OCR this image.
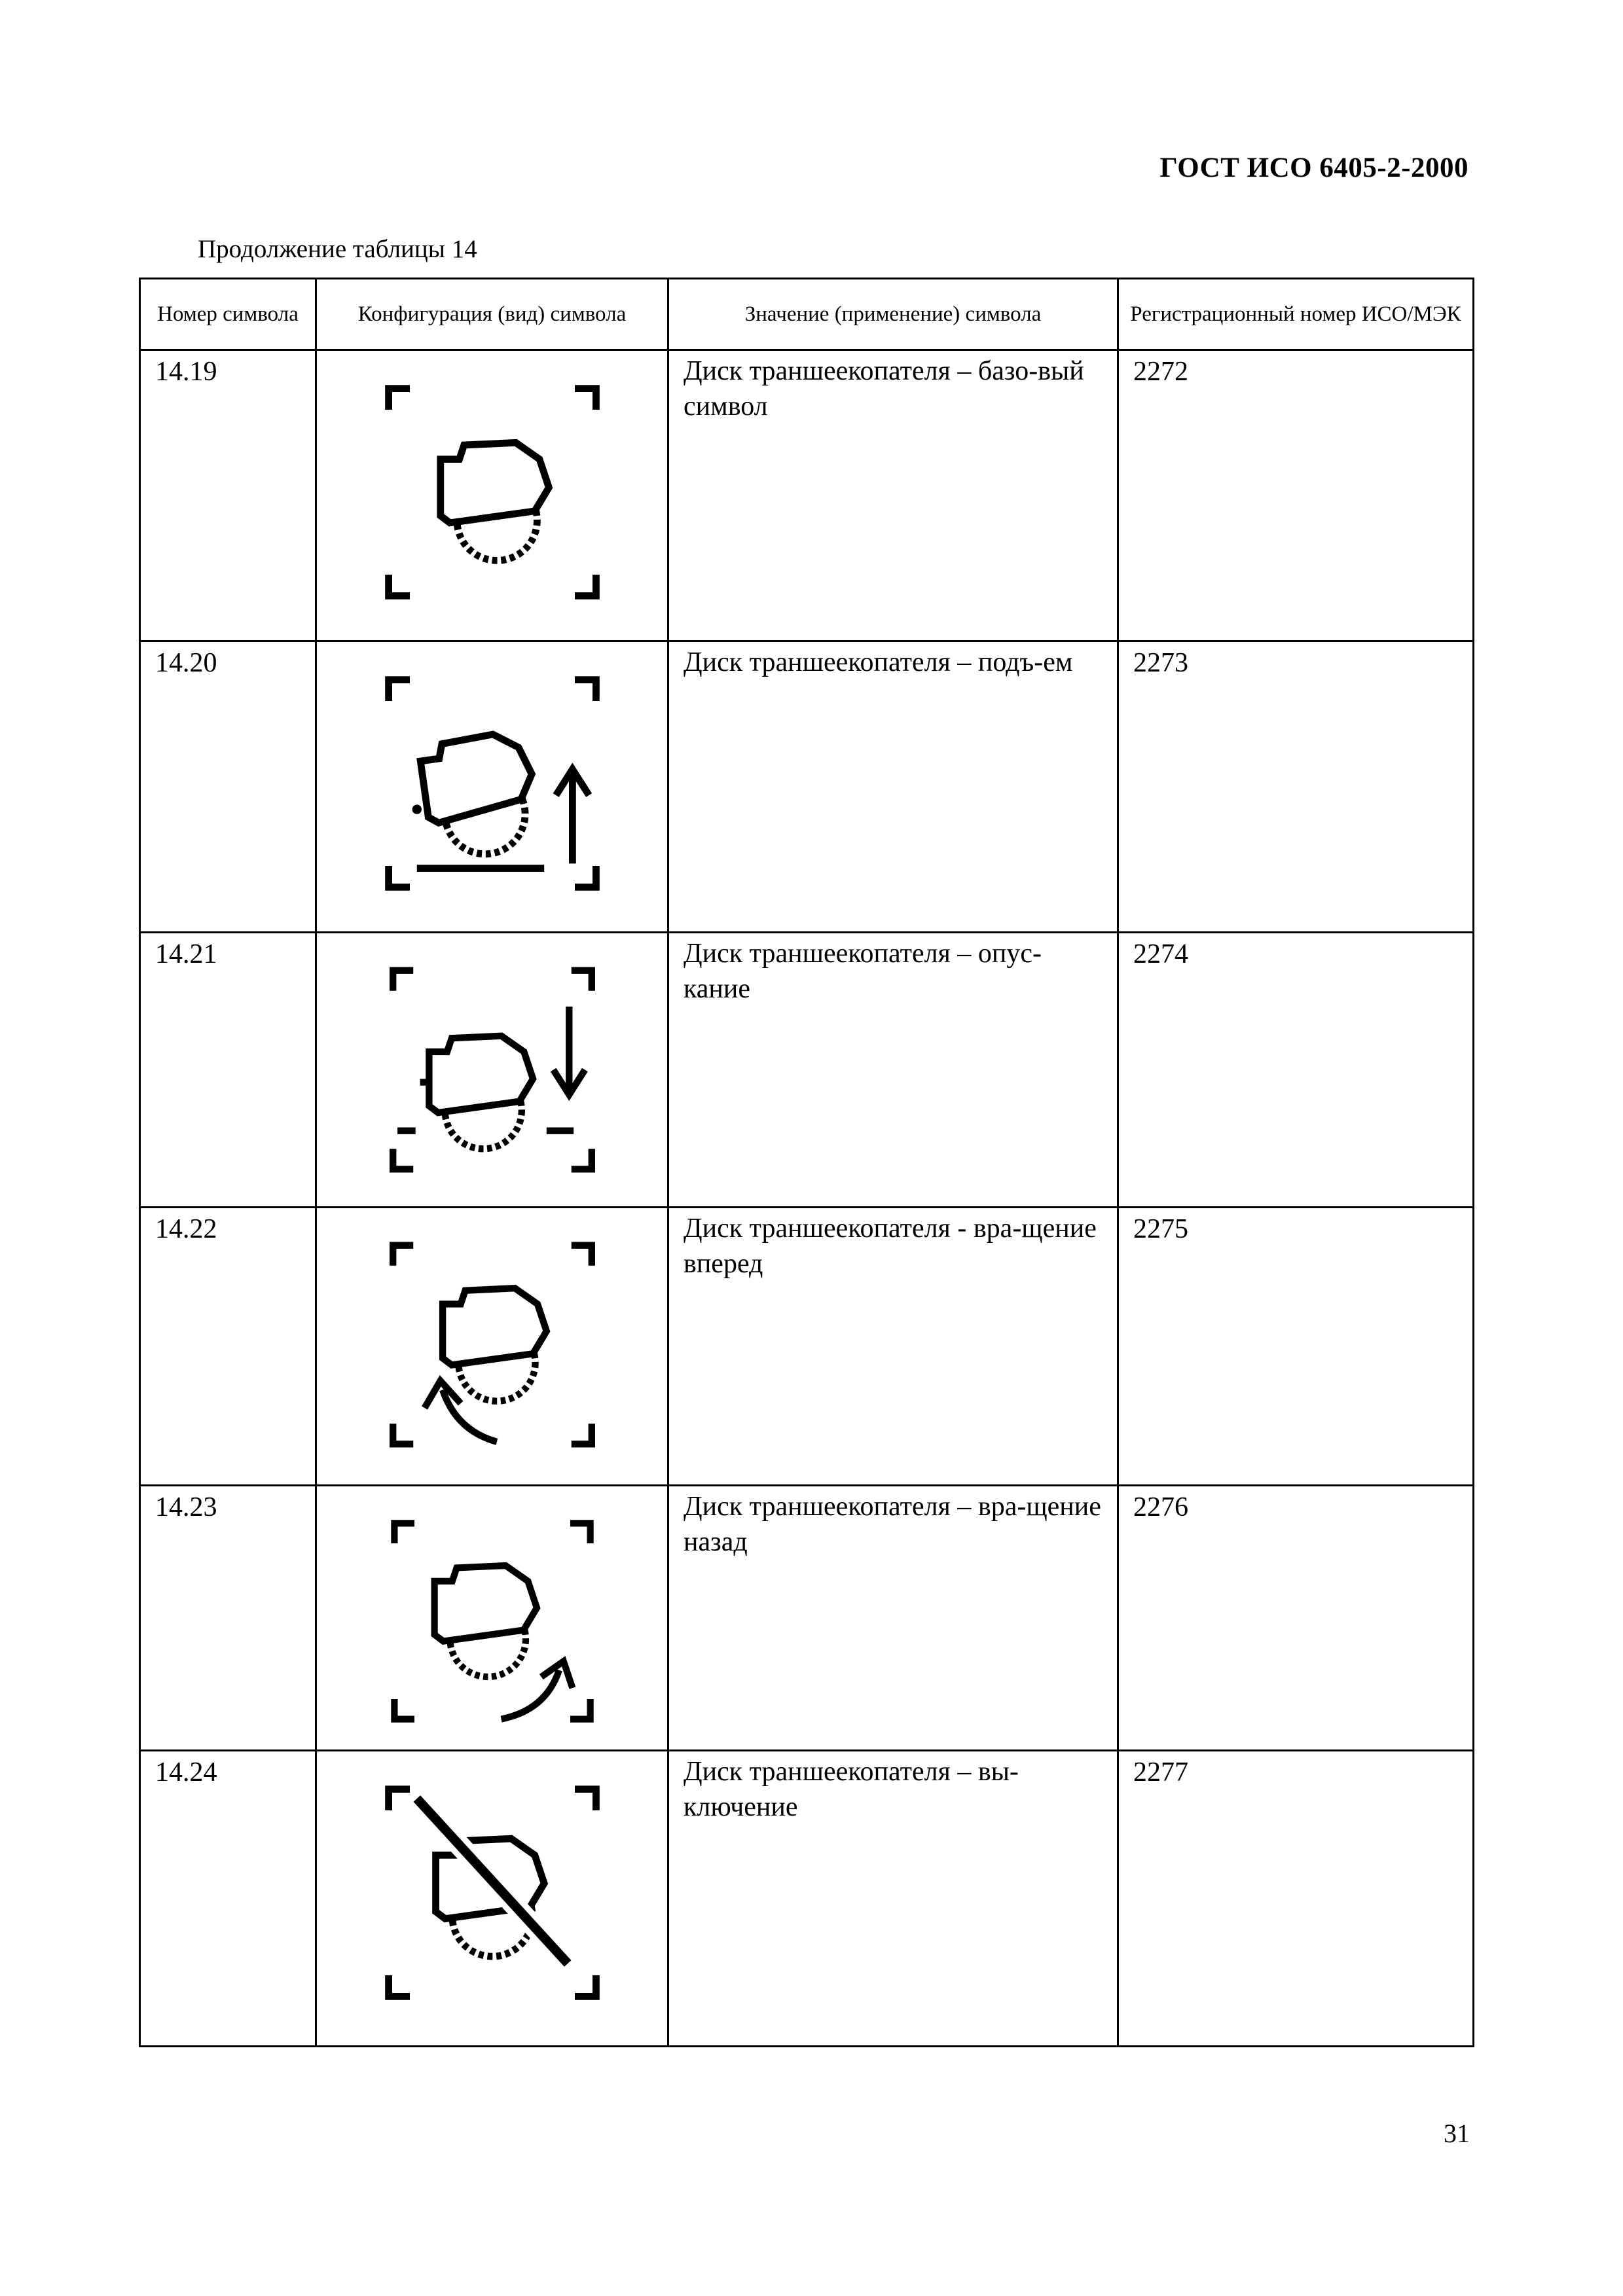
ГОСТ ИСО 6405-2-2000
Продолжение таблицы 14
Номер символа	Конфигурация (вид) символа	Значение (применение) символа	Регистрационный номер ИСО/МЭК
14.19		Диск траншеекопателя – базо-вый символ	2272
14.20		Диск траншеекопателя – подъ-ем	2273
14.21		Диск траншеекопателя – опус-кание	2274
14.22		Диск траншеекопателя - вра-щение вперед	2275
14.23		Диск траншеекопателя – вра-щение назад	2276
14.24		Диск траншеекопателя – вы-ключение	2277
31
